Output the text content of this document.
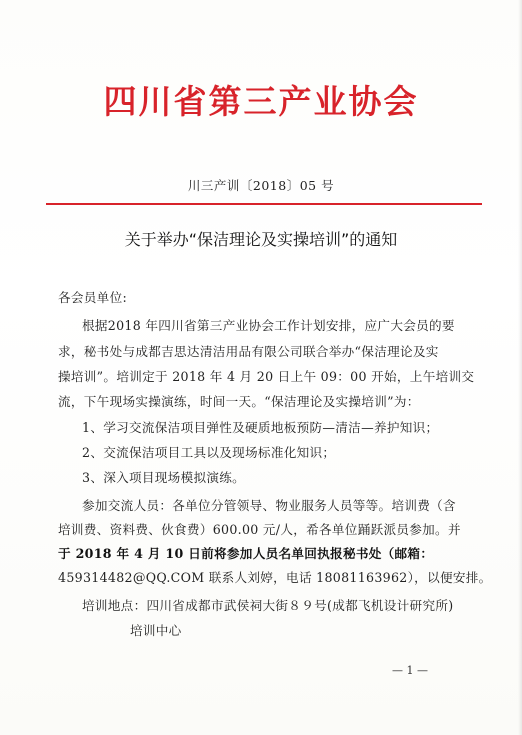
四川省第三产业协会
川三产训〔2018〕05 号
关于举办“保洁理论及实操培训”的通知
各会员单位:
根据2018 年四川省第三产业协会工作计划安排，应广大会员的要
求，秘书处与成都吉思达清洁用品有限公司联合举办“保洁理论及实
操培训”。培训定于 2018 年 4 月 20 日上午 09：00 开始，上午培训交
流，下午现场实操演练，时间一天。“保洁理论及实操培训”为：
1、学习交流保洁项目弹性及硬质地板预防—清洁—养护知识；
2、交流保洁项目工具以及现场标准化知识；
3、深入项目现场模拟演练。
参加交流人员：各单位分管领导、物业服务人员等等。培训费（含
培训费、资料费、伙食费）600.00 元/人，希各单位踊跃派员参加。并
于 2018 年 4 月 10 日前将参加人员名单回执报秘书处（邮箱：
459314482@QQ.COM 联系人刘婷，电话 18081163962），以便安排。
培训地点：四川省成都市武侯祠大街８９号(成都飞机设计研究所)
培训中心
— 1 —
